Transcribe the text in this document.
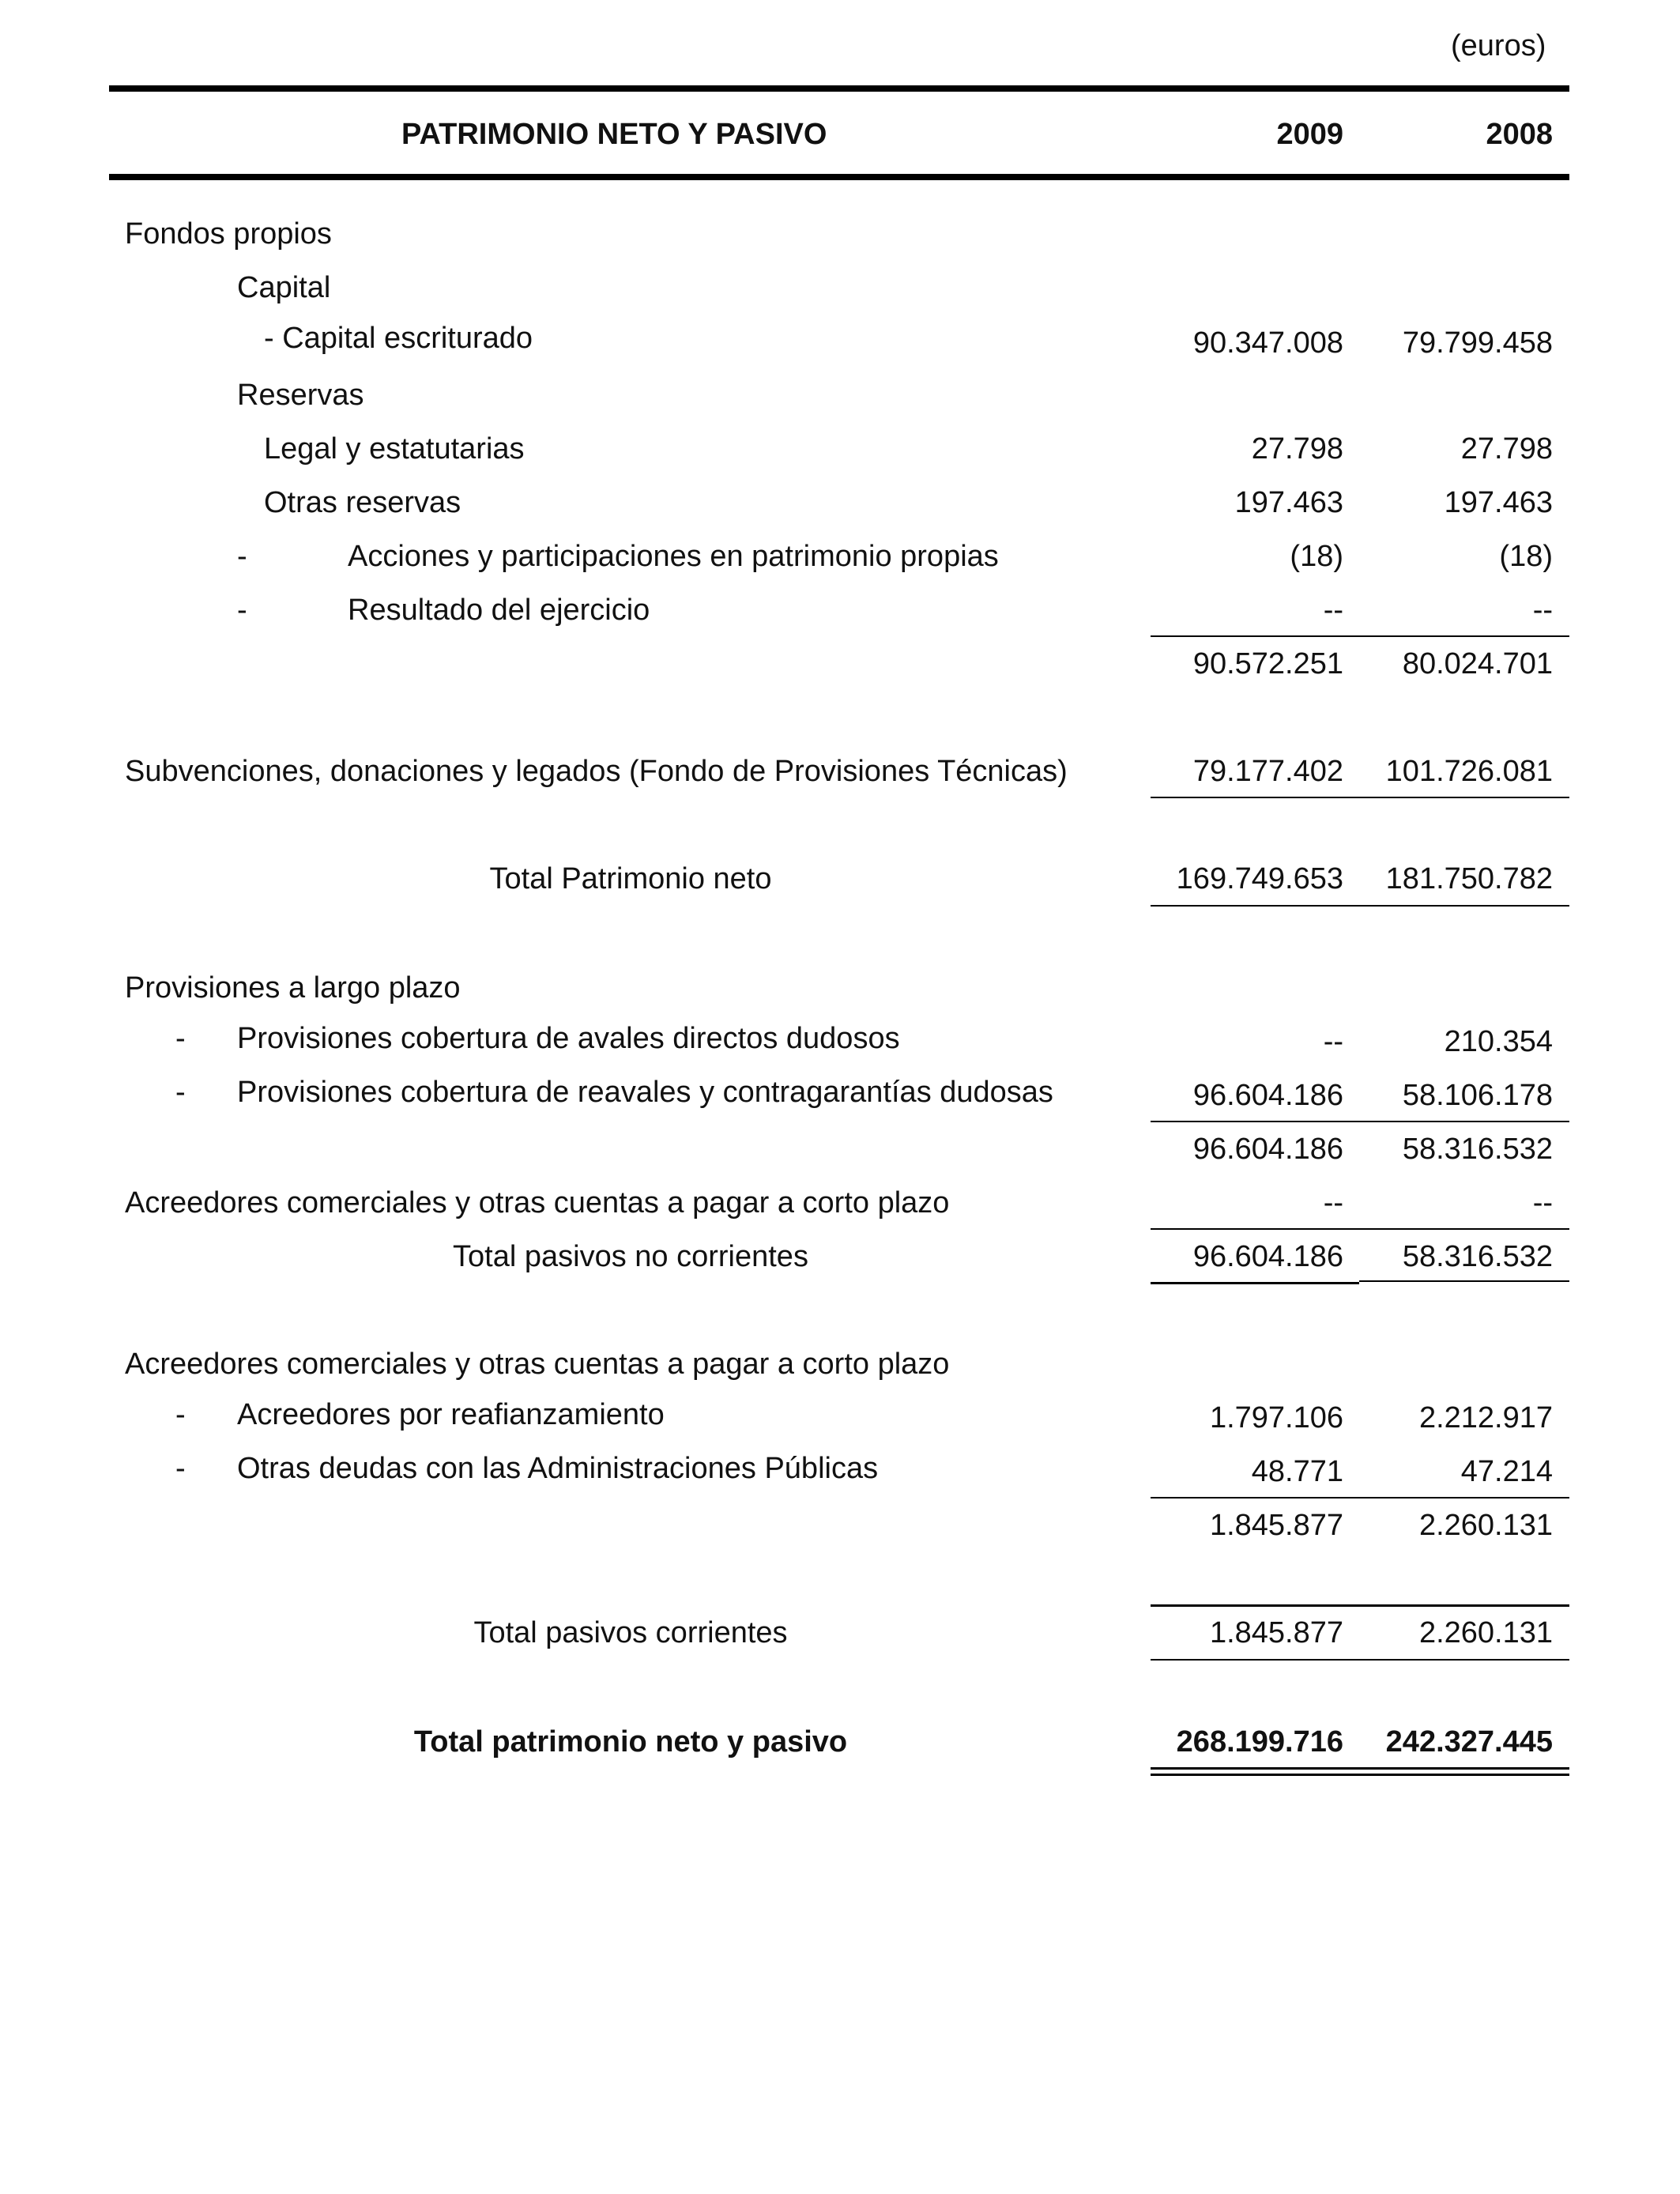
(euros)
PATRIMONIO NETO Y PASIVO	2009	2008
Fondos propios
Capital
- Capital escriturado	90.347.008	79.799.458
Reservas
Legal y estatutarias	27.798	27.798
Otras reservas	197.463	197.463
-	Acciones y participaciones en patrimonio propias	(18)	(18)
-	Resultado del ejercicio	--	--
90.572.251	80.024.701
Subvenciones, donaciones y legados (Fondo de Provisiones Técnicas)	79.177.402	101.726.081
Total Patrimonio neto	169.749.653	181.750.782
Provisiones a largo plazo
- Provisiones cobertura de avales directos dudosos	--	210.354
- Provisiones cobertura de reavales y contragarantías dudosas	96.604.186	58.106.178
96.604.186	58.316.532
Acreedores comerciales y otras cuentas a pagar a corto plazo	--	--
Total pasivos no corrientes	96.604.186	58.316.532
Acreedores comerciales y otras cuentas a pagar a corto plazo
- Acreedores por reafianzamiento	1.797.106	2.212.917
- Otras deudas con las Administraciones Públicas	48.771	47.214
1.845.877	2.260.131
Total pasivos corrientes	1.845.877	2.260.131
Total patrimonio neto y pasivo	268.199.716	242.327.445
